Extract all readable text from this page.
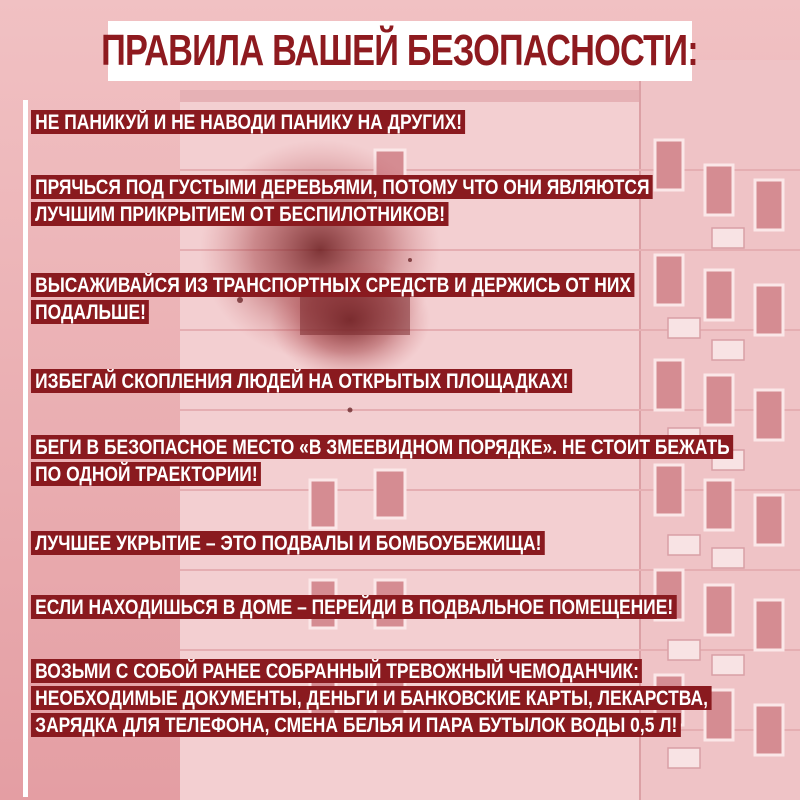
ПРАВИЛА ВАШЕЙ БЕЗОПАСНОСТИ:
НЕ ПАНИКУЙ И НЕ НАВОДИ ПАНИКУ НА ДРУГИХ!
ПРЯЧЬСЯ ПОД ГУСТЫМИ ДЕРЕВЬЯМИ, ПОТОМУ ЧТО ОНИ ЯВЛЯЮТСЯ
ЛУЧШИМ ПРИКРЫТИЕМ ОТ БЕСПИЛОТНИКОВ!
ВЫСАЖИВАЙСЯ ИЗ ТРАНСПОРТНЫХ СРЕДСТВ И ДЕРЖИСЬ ОТ НИХ
ПОДАЛЬШЕ!
ИЗБЕГАЙ СКОПЛЕНИЯ ЛЮДЕЙ НА ОТКРЫТЫХ ПЛОЩАДКАХ!
БЕГИ В БЕЗОПАСНОЕ МЕСТО «В ЗМЕЕВИДНОМ ПОРЯДКЕ». НЕ СТОИТ БЕЖАТЬ
ПО ОДНОЙ ТРАЕКТОРИИ!
ЛУЧШЕЕ УКРЫТИЕ – ЭТО ПОДВАЛЫ И БОМБОУБЕЖИЩА!
ЕСЛИ НАХОДИШЬСЯ В ДОМЕ – ПЕРЕЙДИ В ПОДВАЛЬНОЕ ПОМЕЩЕНИЕ!
ВОЗЬМИ С СОБОЙ РАНЕЕ СОБРАННЫЙ ТРЕВОЖНЫЙ ЧЕМОДАНЧИК:
НЕОБХОДИМЫЕ ДОКУМЕНТЫ, ДЕНЬГИ И БАНКОВСКИЕ КАРТЫ, ЛЕКАРСТВА,
ЗАРЯДКА ДЛЯ ТЕЛЕФОНА, СМЕНА БЕЛЬЯ И ПАРА БУТЫЛОК ВОДЫ 0,5 Л!
